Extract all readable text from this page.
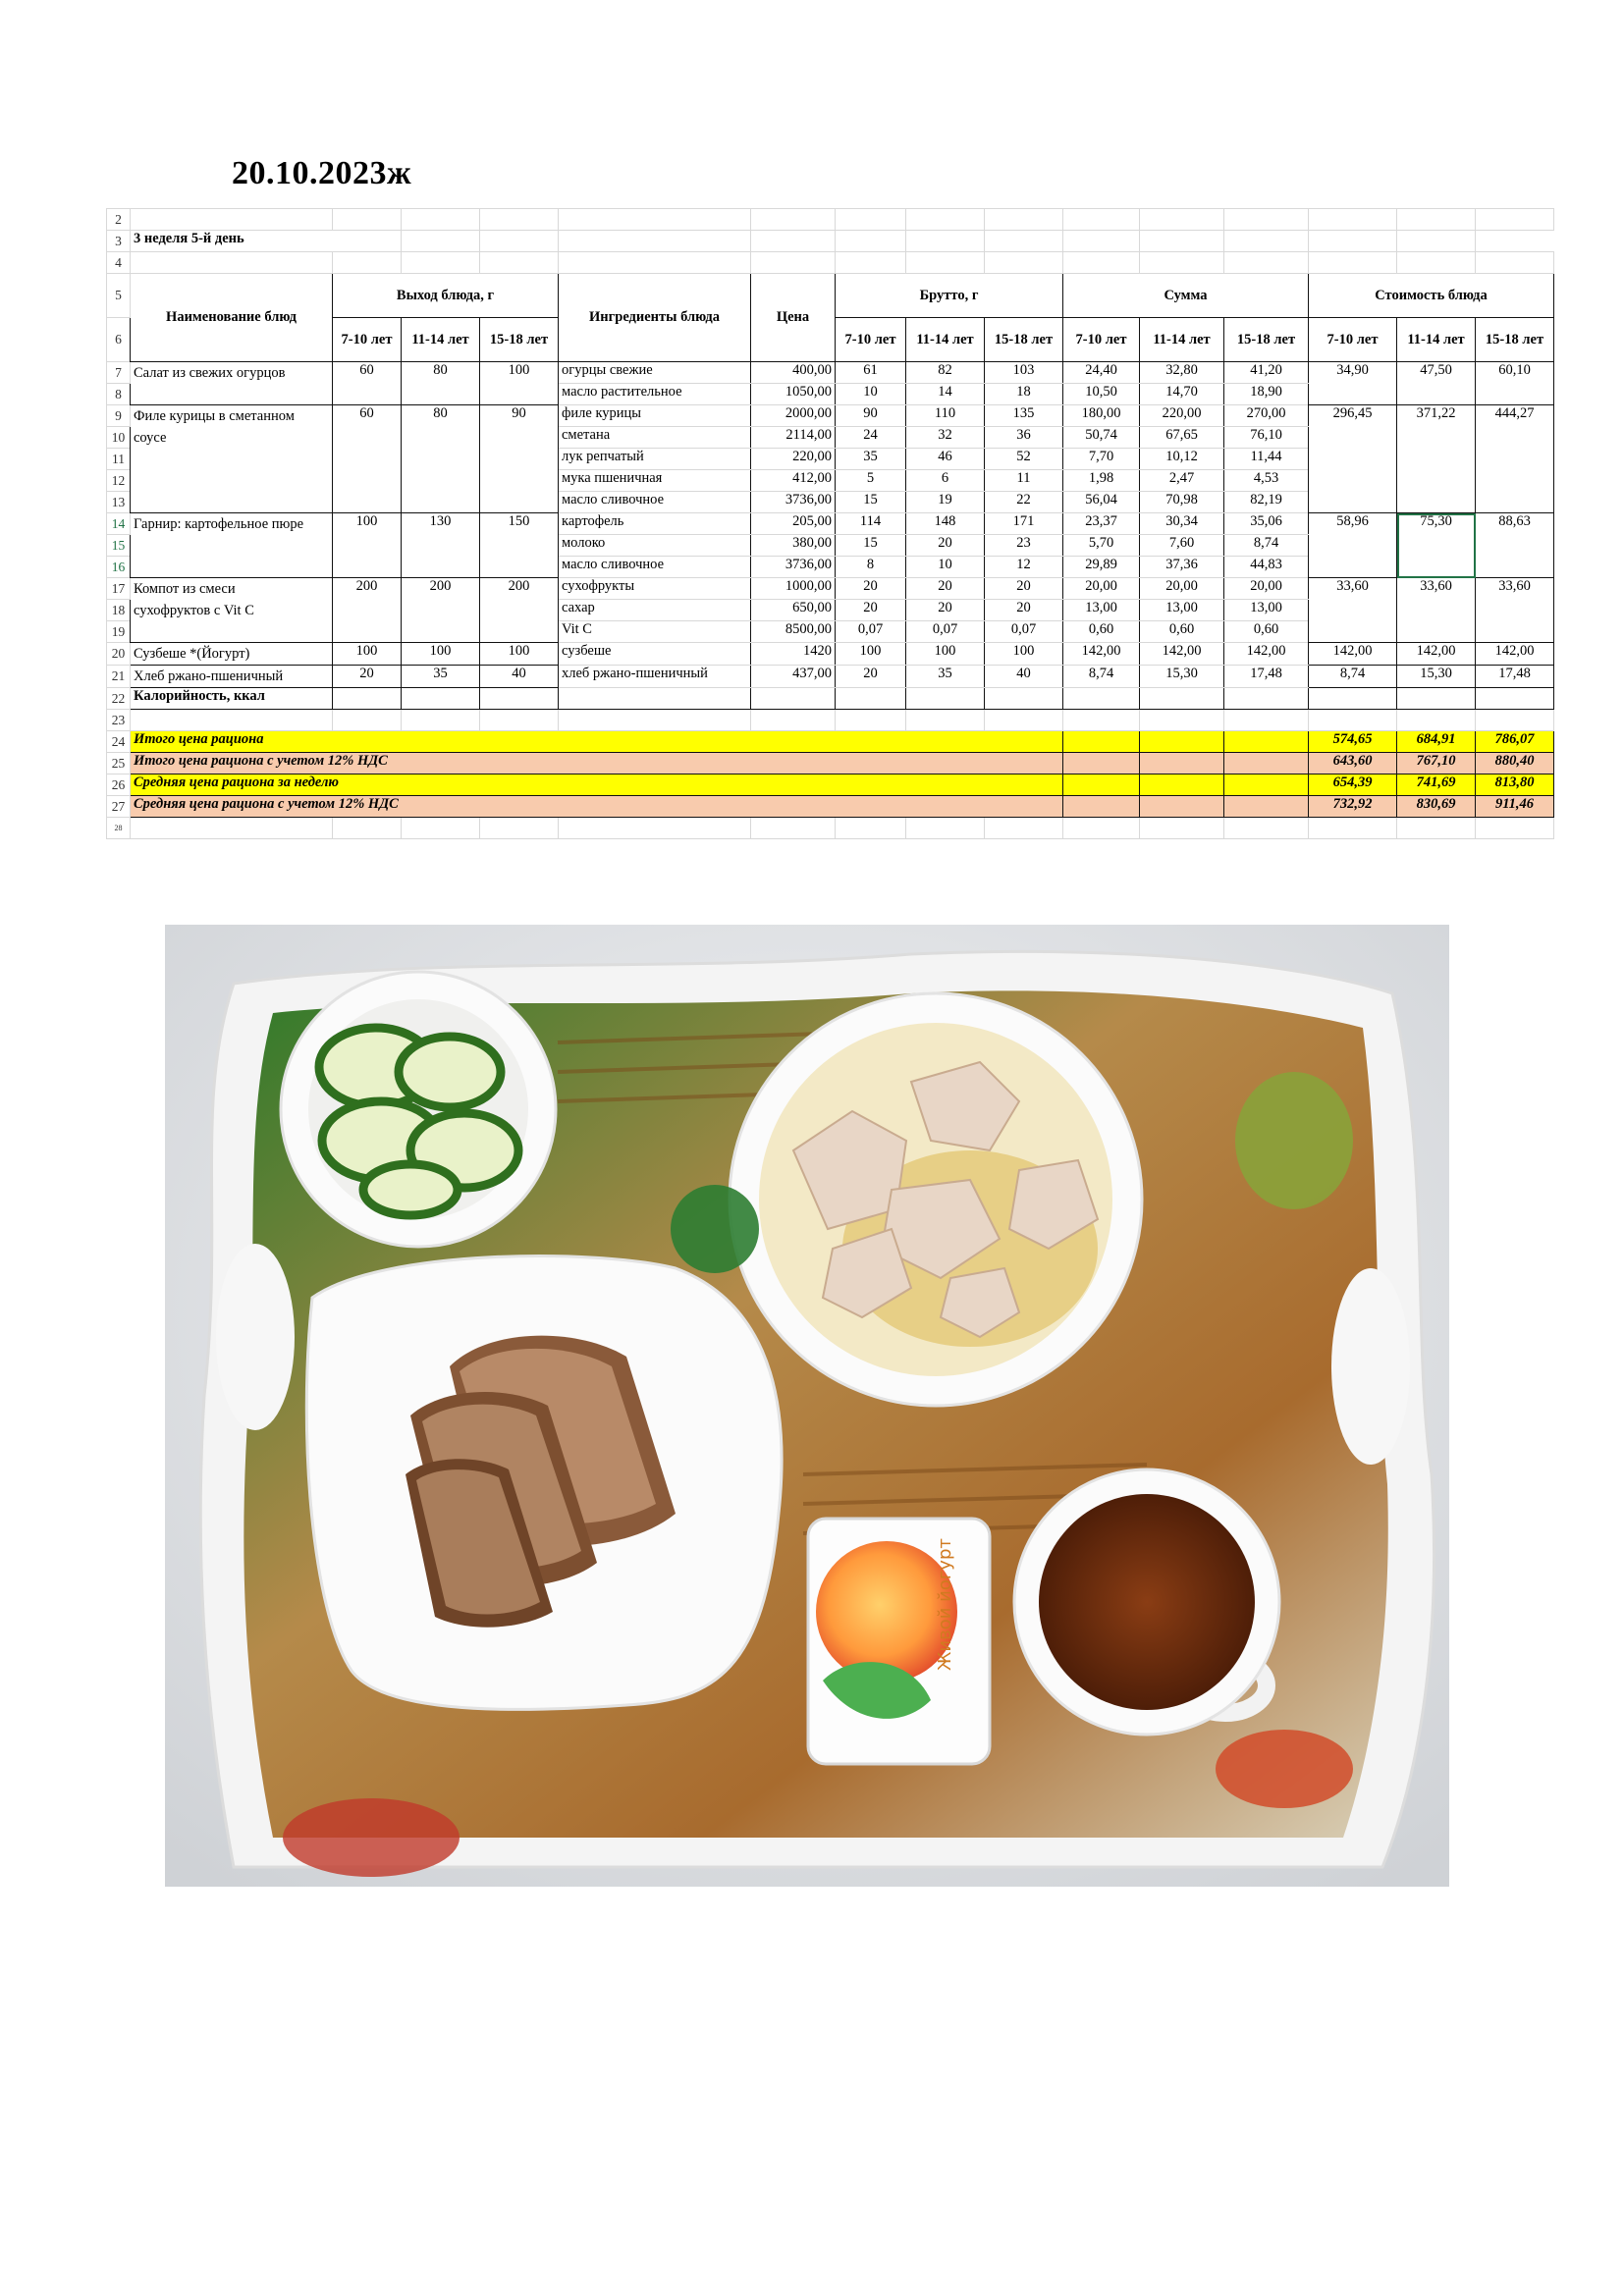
20.10.2023ж
2															
3	3 неделя 5-й день														
4															
5	Наименование блюд	Выход блюда, г			Ингредиенты блюда	Цена	Брутто, г			Сумма			Стоимость блюда		
6		7-10 лет	11-14 лет	15-18 лет			7-10 лет	11-14 лет	15-18 лет	7-10 лет	11-14 лет	15-18 лет	7-10 лет	11-14 лет	15-18 лет
7	Салат из свежих огурцов	60	80	100	огурцы свежие	400,00	61	82	103	24,40	32,80	41,20	34,90	47,50	60,10
8					масло растительное	1050,00	10	14	18	10,50	14,70	18,90			
9	Филе курицы в сметанном
соусе	60	80	90	филе курицы	2000,00	90	110	135	180,00	220,00	270,00	296,45	371,22	444,27
10					сметана	2114,00	24	32	36	50,74	67,65	76,10			
11					лук репчатый	220,00	35	46	52	7,70	10,12	11,44			
12					мука пшеничная	412,00	5	6	11	1,98	2,47	4,53			
13					масло сливочное	3736,00	15	19	22	56,04	70,98	82,19			
14	Гарнир: картофельное пюре	100	130	150	картофель	205,00	114	148	171	23,37	30,34	35,06	58,96	75,30	88,63
15					молоко	380,00	15	20	23	5,70	7,60	8,74			
16					масло сливочное	3736,00	8	10	12	29,89	37,36	44,83			
17	Компот из смеси
сухофруктов с Vit C	200	200	200	сухофрукты	1000,00	20	20	20	20,00	20,00	20,00	33,60	33,60	33,60
18					сахар	650,00	20	20	20	13,00	13,00	13,00			
19					Vit C	8500,00	0,07	0,07	0,07	0,60	0,60	0,60			
20	Сузбеше *(Йогурт)	100	100	100	сузбеше	1420	100	100	100	142,00	142,00	142,00	142,00	142,00	142,00
21	Хлеб ржано-пшеничный	20	35	40	хлеб ржано-пшеничный	437,00	20	35	40	8,74	15,30	17,48	8,74	15,30	17,48
22	Калорийность, ккал														
23															
24	Итого цена рациона												574,65	684,91	786,07
25	Итого цена рациона с учетом 12% НДС												643,60	767,10	880,40
26	Средняя цена рациона за неделю												654,39	741,69	813,80
27	Средняя цена рациона с учетом 12% НДС												732,92	830,69	911,46
28															
Живой йогурт
